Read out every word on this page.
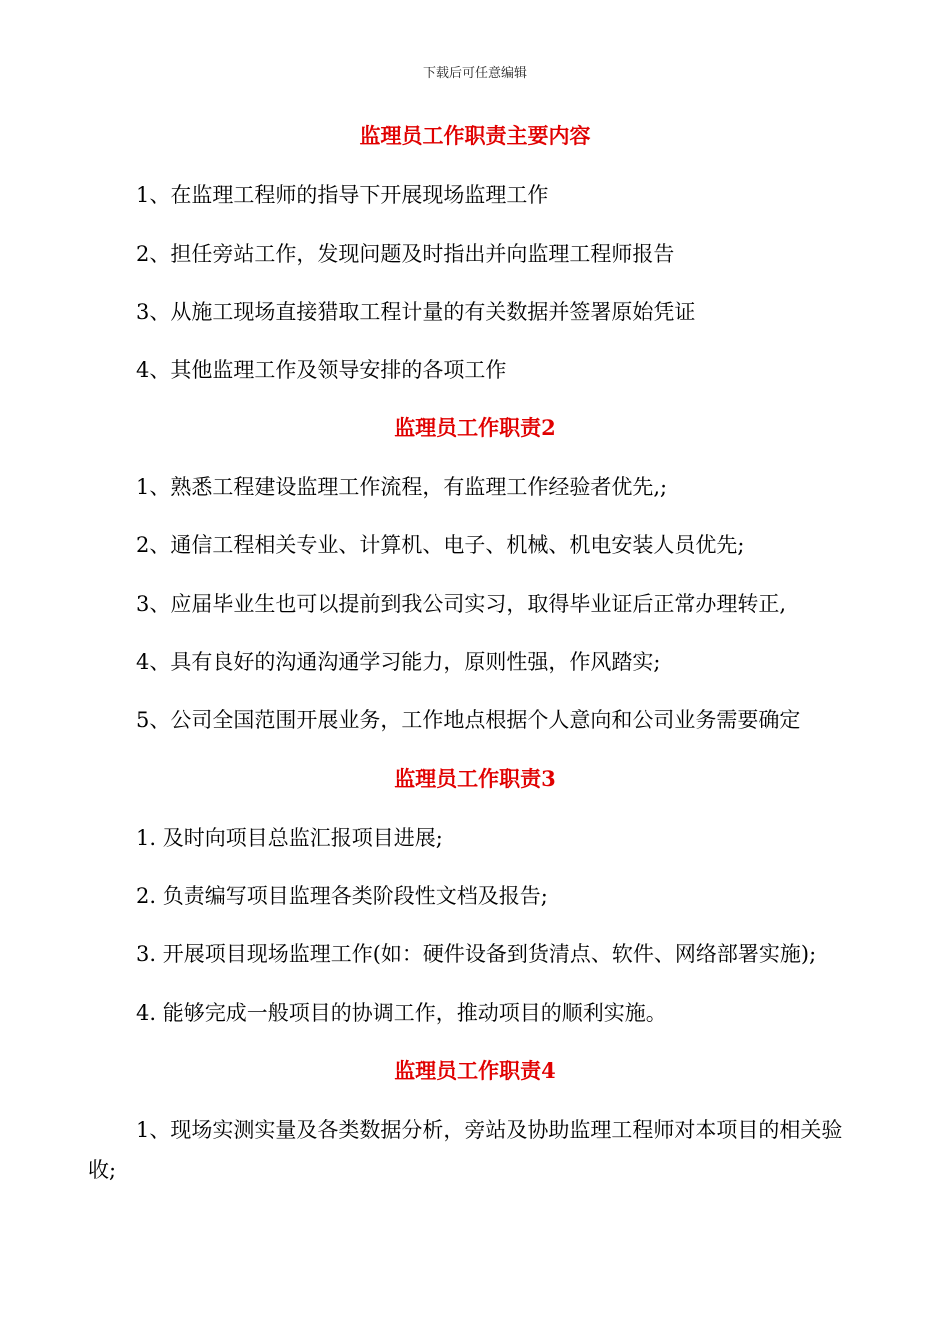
下载后可任意编辑
监理员工作职责主要内容
1、在监理工程师的指导下开展现场监理工作
2、担任旁站工作，发现问题及时指出并向监理工程师报告
3、从施工现场直接猎取工程计量的有关数据并签署原始凭证
4、其他监理工作及领导安排的各项工作
监理员工作职责2
1、熟悉工程建设监理工作流程，有监理工作经验者优先,;
2、通信工程相关专业、计算机、电子、机械、机电安装人员优先;
3、应届毕业生也可以提前到我公司实习，取得毕业证后正常办理转正,
4、具有良好的沟通沟通学习能力，原则性强，作风踏实;
5、公司全国范围开展业务，工作地点根据个人意向和公司业务需要确定
监理员工作职责3
1. 及时向项目总监汇报项目进展;
2. 负责编写项目监理各类阶段性文档及报告;
3. 开展项目现场监理工作(如：硬件设备到货清点、软件、网络部署实施);
4. 能够完成一般项目的协调工作，推动项目的顺利实施。
监理员工作职责4
1、现场实测实量及各类数据分析，旁站及协助监理工程师对本项目的相关验收;
